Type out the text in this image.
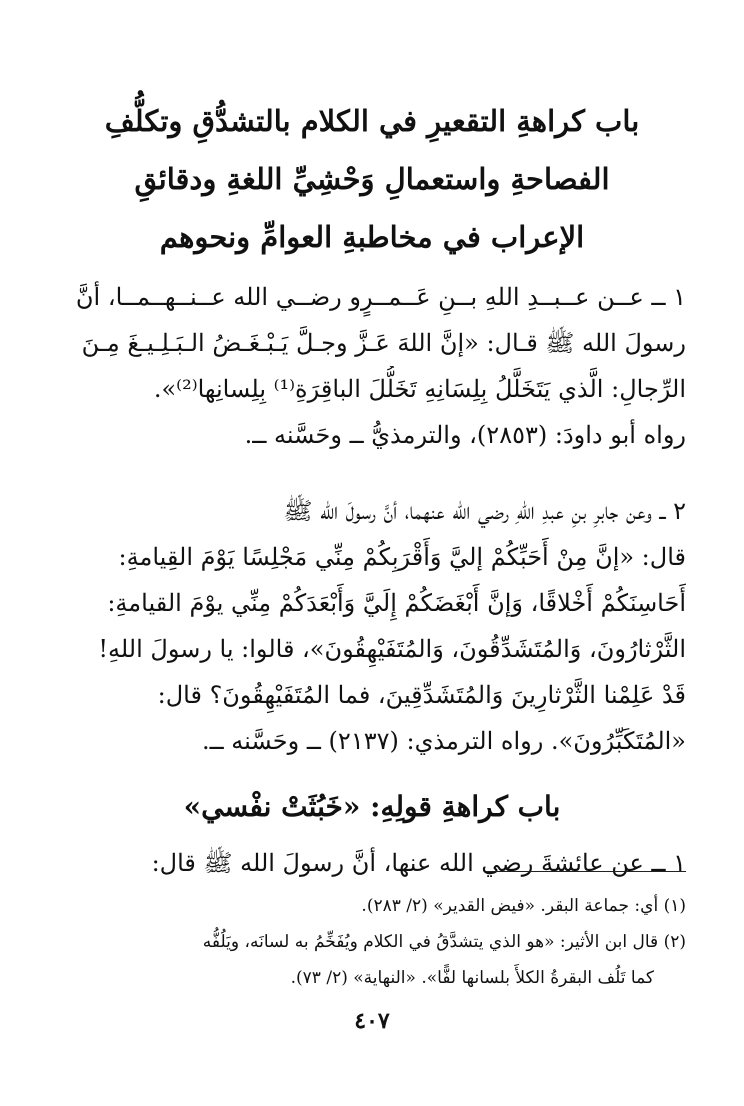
باب كراهةِ التقعيرِ في الكلام بالتشدُّقِ وتكلُّفِ
الفصاحةِ واستعمالِ وَحْشِيِّ اللغةِ ودقائقِ
الإعراب في مخاطبةِ العوامِّ ونحوهم
١ ــ عــن عــبــدِ اللهِ بــنِ عَــمــرٍو رضــي الله عــنــهــمــا، أنَّ
رسولَ الله ﷺ قـال: «إنَّ اللهَ عَـزَّ وجـلَّ يَـبْـغَـضُ الـبَـلِـيـغَ مِـنَ
الرِّجالِ: الَّذي يَتَخَلَّلُ بِلِسَانِهِ تَخَلُّلَ الباقِرَةِ⁽¹⁾ بِلِسانِها⁽²⁾».
رواه أبو داودَ: (٢٨٥٣)، والترمذيُّ ــ وحَسَّنه ــ.
٢ ــ وعن جابرِ بنِ عبدِ اللهِ رضي الله عنهما، أنَّ رسولَ الله ﷺ
قال: «إنَّ مِنْ أَحَبِّكُمْ إليَّ وَأَقْرَبِكُمْ مِنِّي مَجْلِسًا يَوْمَ القِيامةِ:
أَحَاسِنَكُمْ أَخْلاقًا، وَإنَّ أَبْغَضَكُمْ إِلَيَّ وَأَبْعَدَكُمْ مِنِّي يوْمَ القيامةِ:
الثَّرْثارُونَ، وَالمُتَشَدِّقُونَ، وَالمُتَفَيْهِقُونَ»، قالوا: يا رسولَ اللهِ!
قَدْ عَلِمْنا الثَّرْثارِينَ وَالمُتَشَدِّقِينَ، فما المُتَفَيْهِقُونَ؟ قال:
«المُتَكَبِّرُونَ». رواه الترمذي: (٢١٣٧) ــ وحَسَّنه ــ.
باب كراهةِ قولِهِ: «خَبُثَتْ نفْسي»
١ ــ عن عائشةَ رضي الله عنها، أنَّ رسولَ الله ﷺ قال:
(١) أي: جماعة البقر. «فيض القدير» (٢/ ٢٨٣).
(٢) قال ابن الأثير: «هو الذي يتشدَّقُ في الكلام ويُفَخِّمُ به لسانَه، ويَلُفُّه
كما تَلُف البقرةُ الكلأَ بلسانها لفًّا». «النهاية» (٢/ ٧٣).
٤٠٧
